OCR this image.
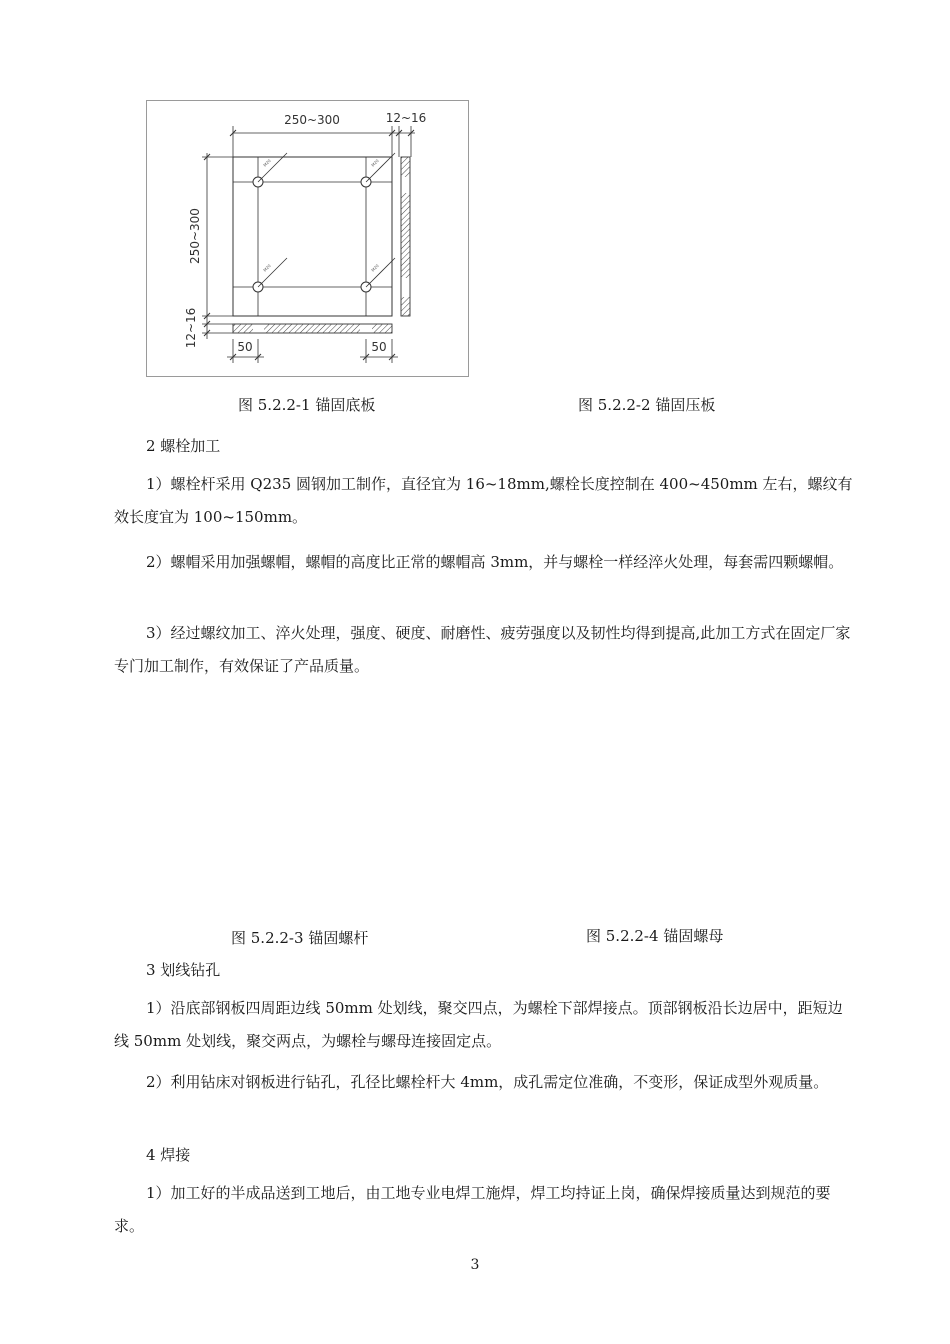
250~300	12~16
M20	M20
M20	M20
250~300
12~16	50	50
图 5.2.2-1 锚固底板	图 5.2.2-2 锚固压板
2 螺栓加工

1）螺栓杆采用 Q235 圆钢加工制作，直径宜为 16~18mm,螺栓长度控制在 400~450mm 左右，螺纹有效长度宜为 100~150mm。

2）螺帽采用加强螺帽，螺帽的高度比正常的螺帽高 3mm，并与螺栓一样经淬火处理，每套需四颗螺帽。

3）经过螺纹加工、淬火处理，强度、硬度、耐磨性、疲劳强度以及韧性均得到提高,此加工方式在固定厂家专门加工制作，有效保证了产品质量。

图 5.2.2-3 锚固螺杆	图 5.2.2-4 锚固螺母
3 划线钻孔

1）沿底部钢板四周距边线 50mm 处划线，聚交四点，为螺栓下部焊接点。顶部钢板沿长边居中，距短边线 50mm 处划线，聚交两点，为螺栓与螺母连接固定点。

2）利用钻床对钢板进行钻孔，孔径比螺栓杆大 4mm，成孔需定位准确，不变形，保证成型外观质量。

4 焊接

1）加工好的半成品送到工地后，由工地专业电焊工施焊，焊工均持证上岗，确保焊接质量达到规范的要求。

3
